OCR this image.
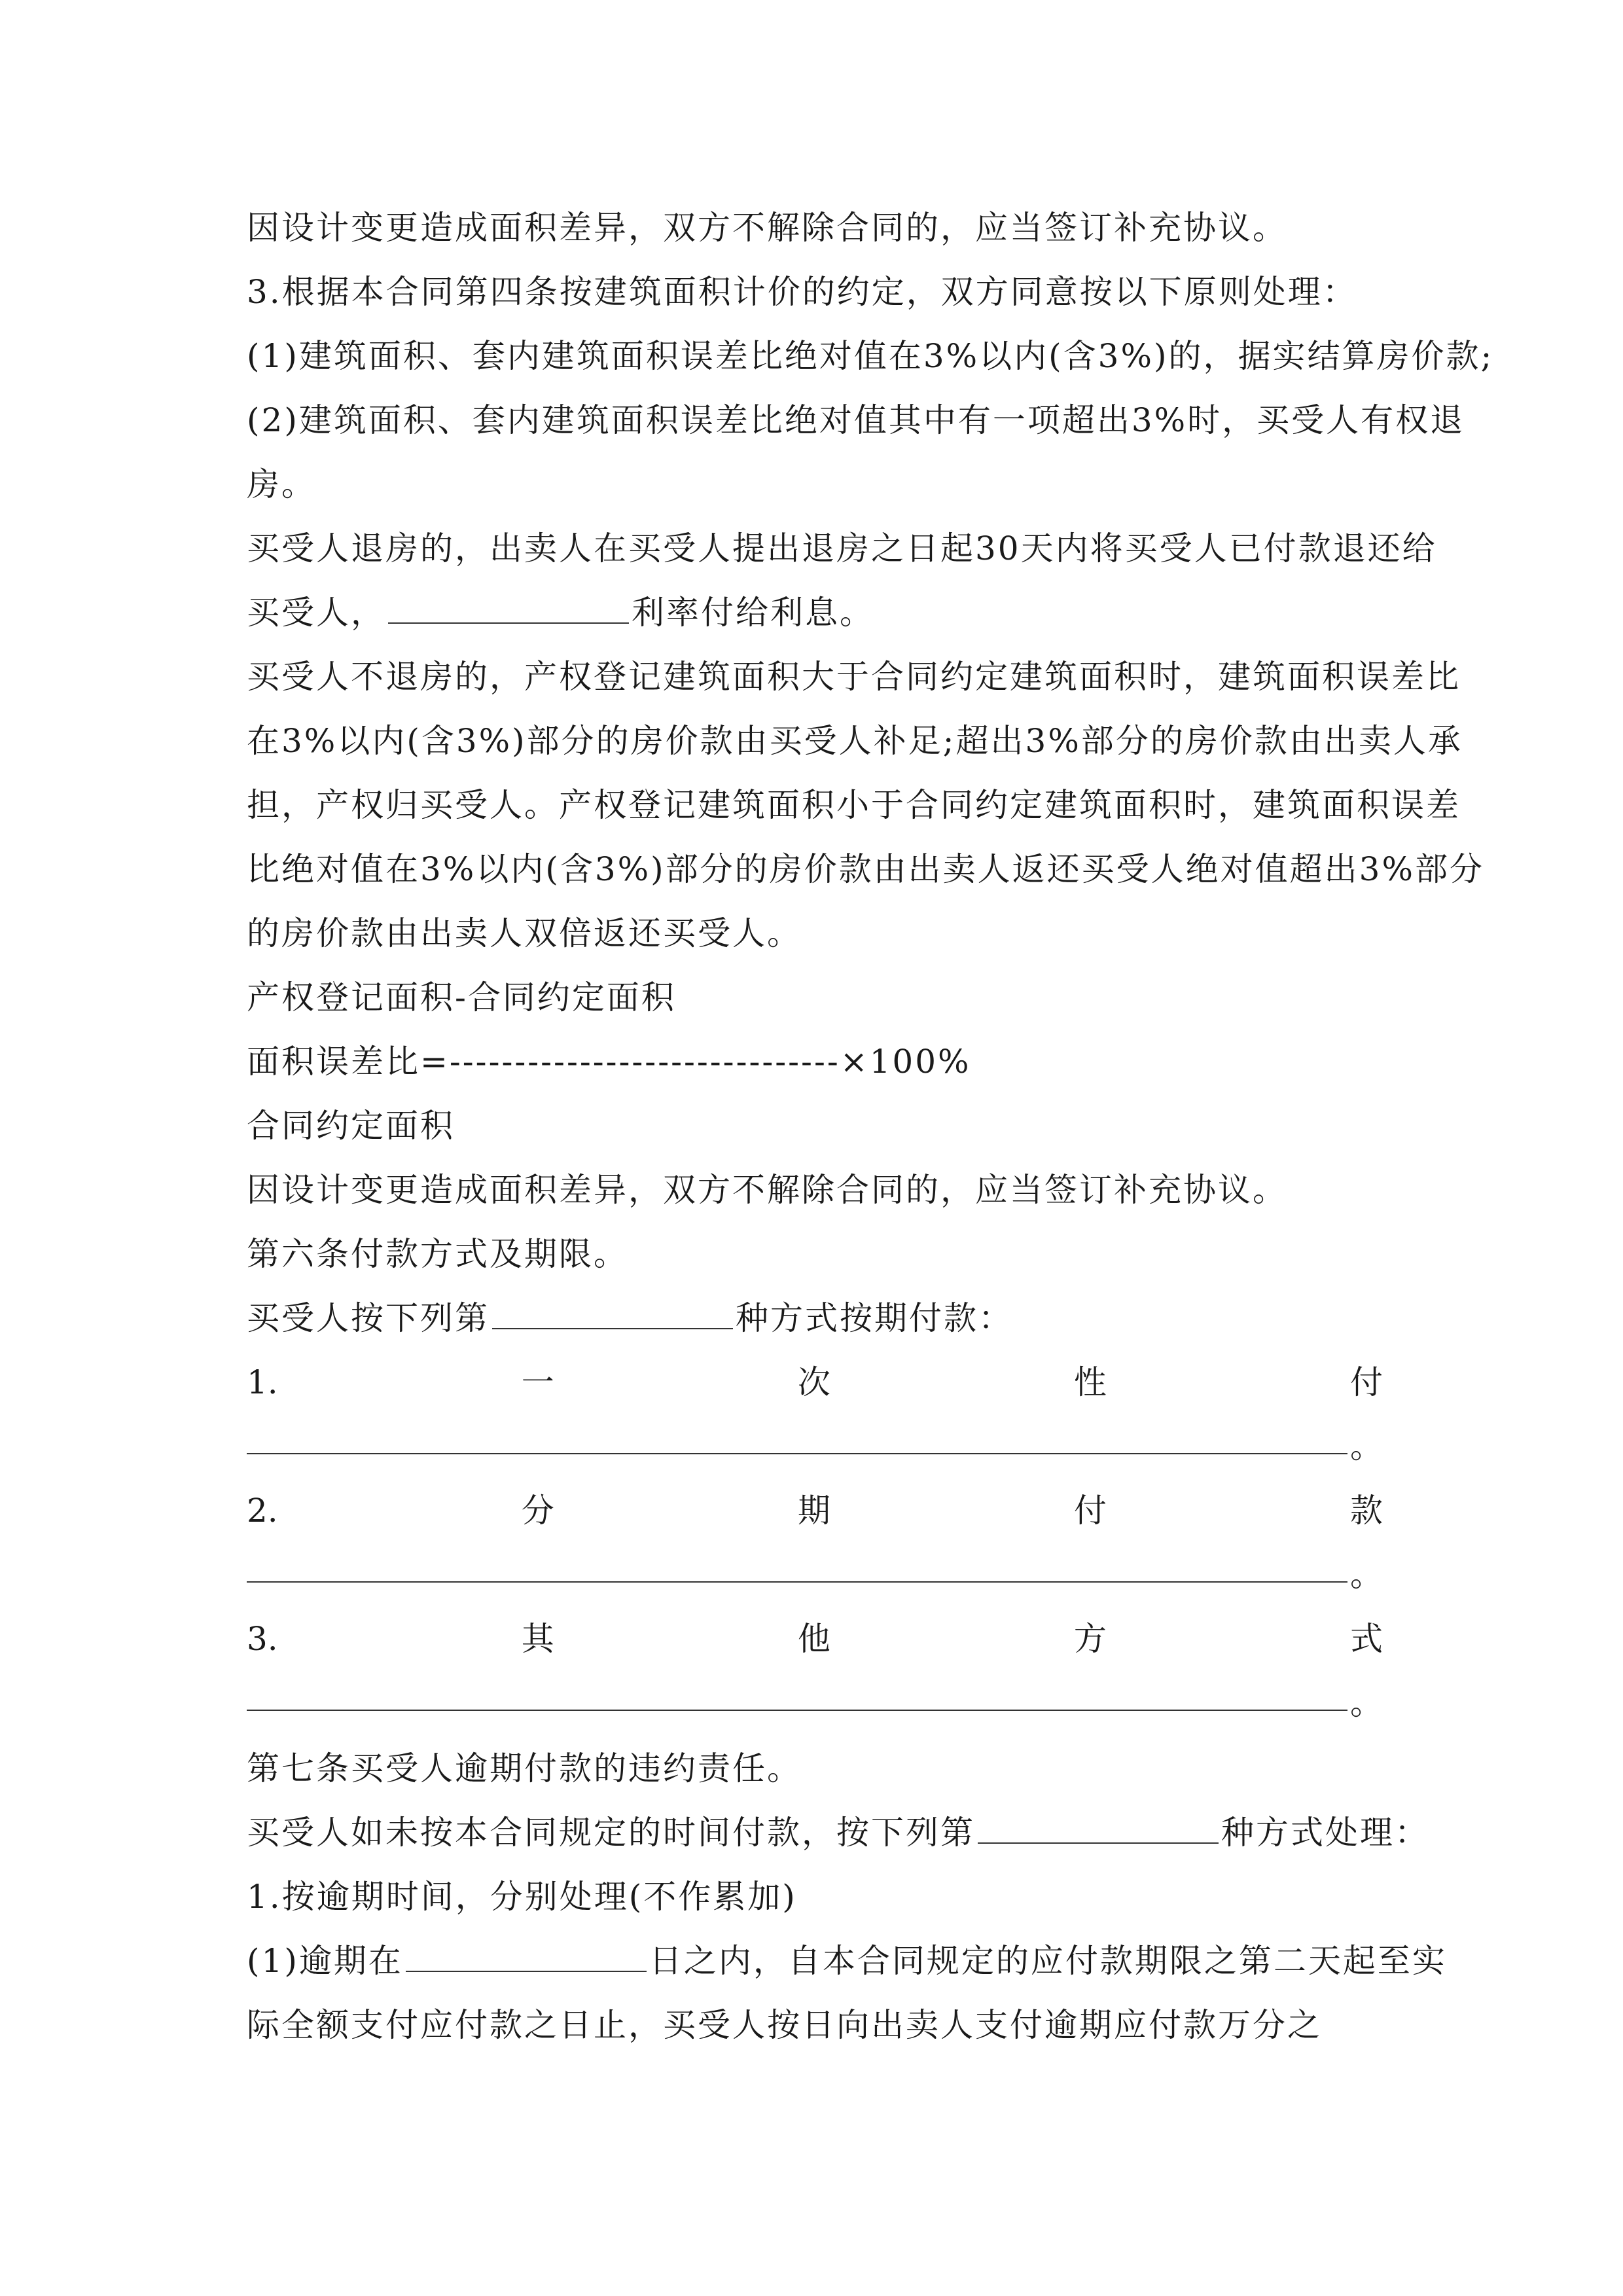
因设计变更造成面积差异，双方不解除合同的，应当签订补充协议。
3.根据本合同第四条按建筑面积计价的约定，双方同意按以下原则处理：
(1)建筑面积、套内建筑面积误差比绝对值在3%以内(含3%)的，据实结算房价款;
(2)建筑面积、套内建筑面积误差比绝对值其中有一项超出3%时，买受人有权退
房。
买受人退房的，出卖人在买受人提出退房之日起30天内将买受人已付款退还给
买受人，	利率付给利息。
买受人不退房的，产权登记建筑面积大于合同约定建筑面积时，建筑面积误差比
在3%以内(含3%)部分的房价款由买受人补足;超出3%部分的房价款由出卖人承
担，产权归买受人。产权登记建筑面积小于合同约定建筑面积时，建筑面积误差
比绝对值在3%以内(含3%)部分的房价款由出卖人返还买受人绝对值超出3%部分
的房价款由出卖人双倍返还买受人。
产权登记面积-合同约定面积
面积误差比=------------------------------×100%
合同约定面积
因设计变更造成面积差异，双方不解除合同的，应当签订补充协议。
第六条付款方式及期限。
买受人按下列第	种方式按期付款：
1.	一	次	性	付
。
2.	分	期	付	款
。
3.	其	他	方	式
。
第七条买受人逾期付款的违约责任。
买受人如未按本合同规定的时间付款，按下列第	种方式处理：
1.按逾期时间，分别处理(不作累加)
(1)逾期在	日之内，自本合同规定的应付款期限之第二天起至实
际全额支付应付款之日止，买受人按日向出卖人支付逾期应付款万分之
